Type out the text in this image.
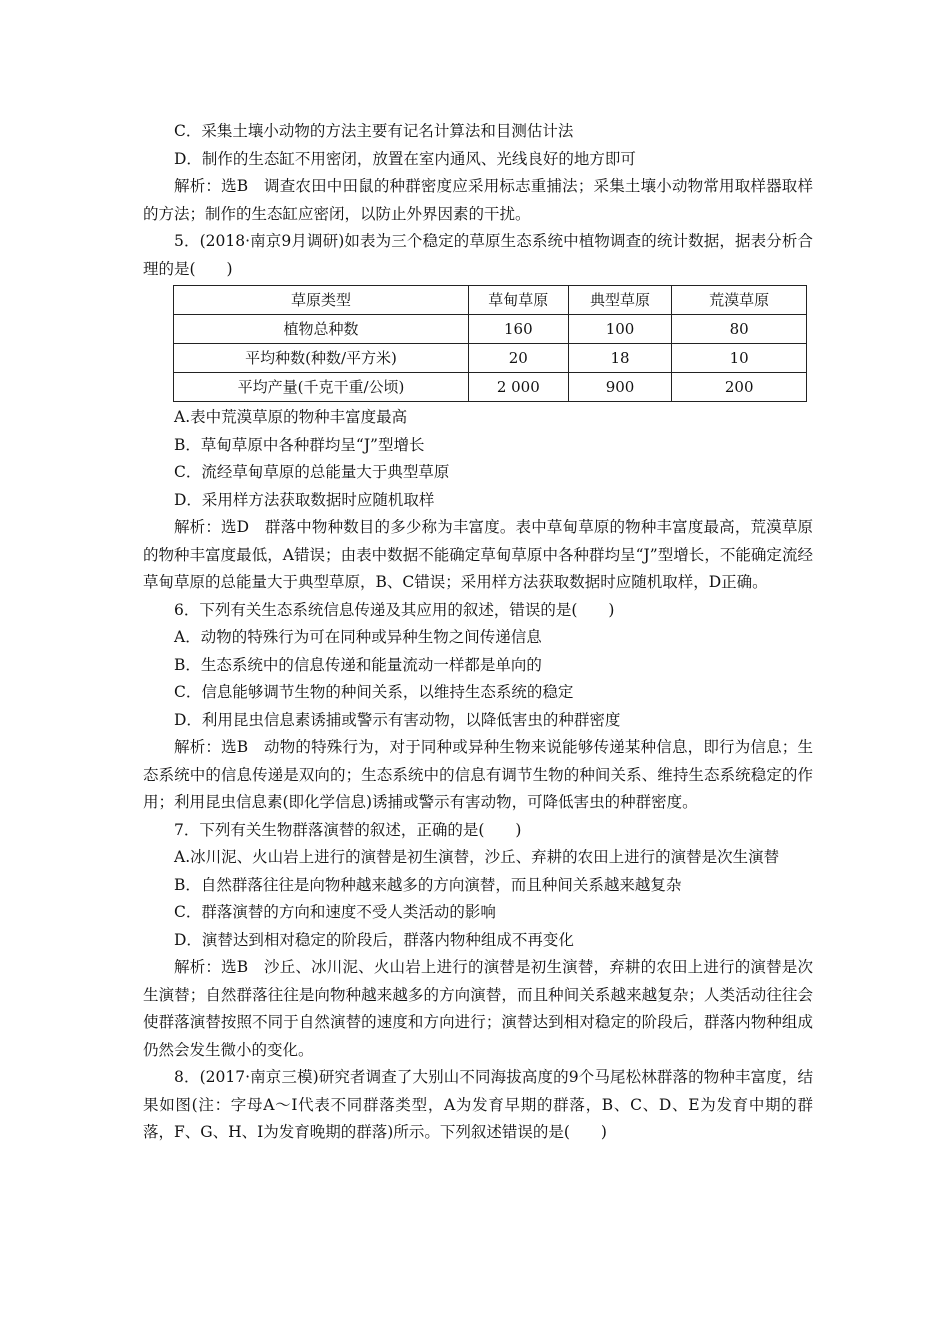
C．采集土壤小动物的方法主要有记名计算法和目测估计法
D．制作的生态缸不用密闭，放置在室内通风、光线良好的地方即可
解析：选B　调查农田中田鼠的种群密度应采用标志重捕法；采集土壤小动物常用取样器取样的方法；制作的生态缸应密闭，以防止外界因素的干扰。
5．(2018·南京9月调研)如表为三个稳定的草原生态系统中植物调查的统计数据，据表分析合理的是(　　)
草原类型	草甸草原	典型草原	荒漠草原
植物总种数	160	100	80
平均种数(种数/平方米)	20	18	10
平均产量(千克干重/公顷)	2 000	900	200
A.表中荒漠草原的物种丰富度最高
B．草甸草原中各种群均呈“J”型增长
C．流经草甸草原的总能量大于典型草原
D．采用样方法获取数据时应随机取样
解析：选D　群落中物种数目的多少称为丰富度。表中草甸草原的物种丰富度最高，荒漠草原的物种丰富度最低，A错误；由表中数据不能确定草甸草原中各种群均呈“J”型增长，不能确定流经草甸草原的总能量大于典型草原，B、C错误；采用样方法获取数据时应随机取样，D正确。
6．下列有关生态系统信息传递及其应用的叙述，错误的是(　　)
A．动物的特殊行为可在同种或异种生物之间传递信息
B．生态系统中的信息传递和能量流动一样都是单向的
C．信息能够调节生物的种间关系，以维持生态系统的稳定
D．利用昆虫信息素诱捕或警示有害动物，以降低害虫的种群密度
解析：选B　动物的特殊行为，对于同种或异种生物来说能够传递某种信息，即行为信息；生态系统中的信息传递是双向的；生态系统中的信息有调节生物的种间关系、维持生态系统稳定的作用；利用昆虫信息素(即化学信息)诱捕或警示有害动物，可降低害虫的种群密度。
7．下列有关生物群落演替的叙述，正确的是(　　)
A.冰川泥、火山岩上进行的演替是初生演替，沙丘、弃耕的农田上进行的演替是次生演替
B．自然群落往往是向物种越来越多的方向演替，而且种间关系越来越复杂
C．群落演替的方向和速度不受人类活动的影响
D．演替达到相对稳定的阶段后，群落内物种组成不再变化
解析：选B　沙丘、冰川泥、火山岩上进行的演替是初生演替，弃耕的农田上进行的演替是次生演替；自然群落往往是向物种越来越多的方向演替，而且种间关系越来越复杂；人类活动往往会使群落演替按照不同于自然演替的速度和方向进行；演替达到相对稳定的阶段后，群落内物种组成仍然会发生微小的变化。
8．(2017·南京三模)研究者调查了大别山不同海拔高度的9个马尾松林群落的物种丰富度，结果如图(注：字母A～I代表不同群落类型，A为发育早期的群落，B、C、D、E为发育中期的群落，F、G、H、I为发育晚期的群落)所示。下列叙述错误的是(　　)
